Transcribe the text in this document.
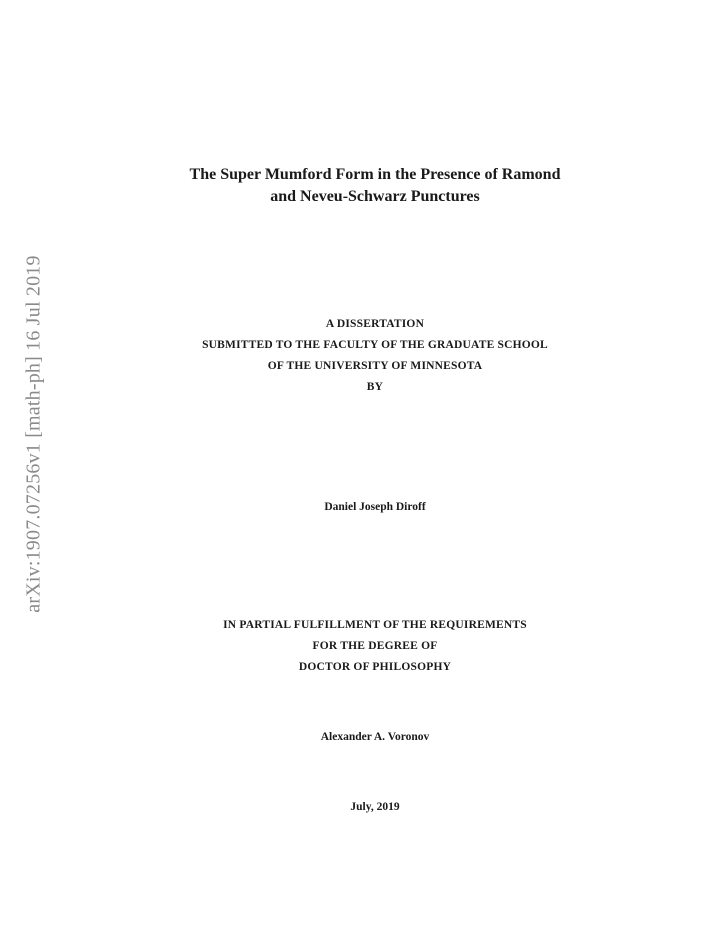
arXiv:1907.07256v1 [math-ph] 16 Jul 2019
The Super Mumford Form in the Presence of Ramond
and Neveu-Schwarz Punctures
A DISSERTATION
SUBMITTED TO THE FACULTY OF THE GRADUATE SCHOOL
OF THE UNIVERSITY OF MINNESOTA
BY
Daniel Joseph Diroff
IN PARTIAL FULFILLMENT OF THE REQUIREMENTS
FOR THE DEGREE OF
DOCTOR OF PHILOSOPHY
Alexander A. Voronov
July, 2019
